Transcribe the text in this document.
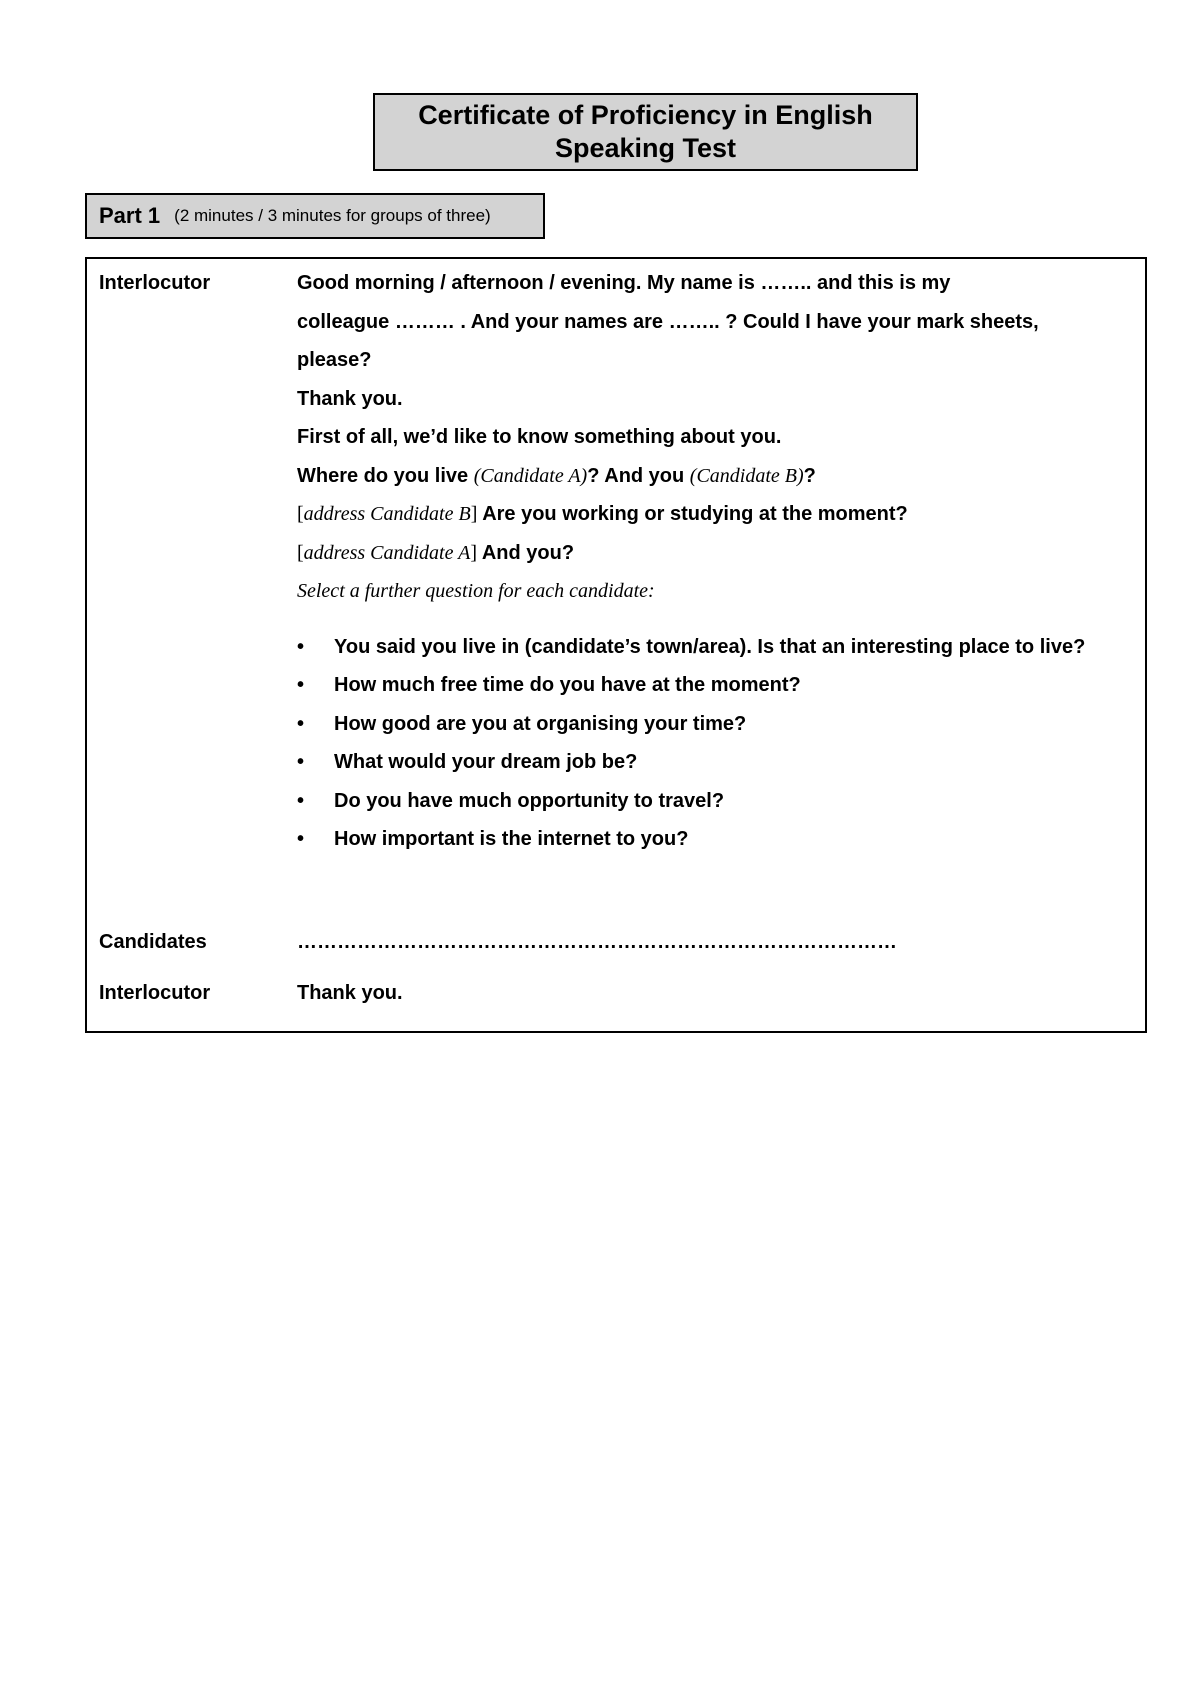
Certificate of Proficiency in English
Speaking Test
Part 1 (2 minutes / 3 minutes for groups of three)
Interlocutor	Good morning / afternoon / evening. My name is …….. and this is my

colleague ……… . And your names are …….. ? Could I have your mark sheets,

please?

Thank you.

First of all, we’d like to know something about you.

Where do you live (Candidate A)? And you (Candidate B)?

[address Candidate B] Are you working or studying at the moment?

[address Candidate A] And you?

Select a further question for each candidate:

• You said you live in (candidate’s town/area). Is that an interesting place to live?
• How much free time do you have at the moment?
• How good are you at organising your time?
• What would your dream job be?
• Do you have much opportunity to travel?
• How important is the internet to you?
Candidates	………………………………………………………………………………
Interlocutor	Thank you.
